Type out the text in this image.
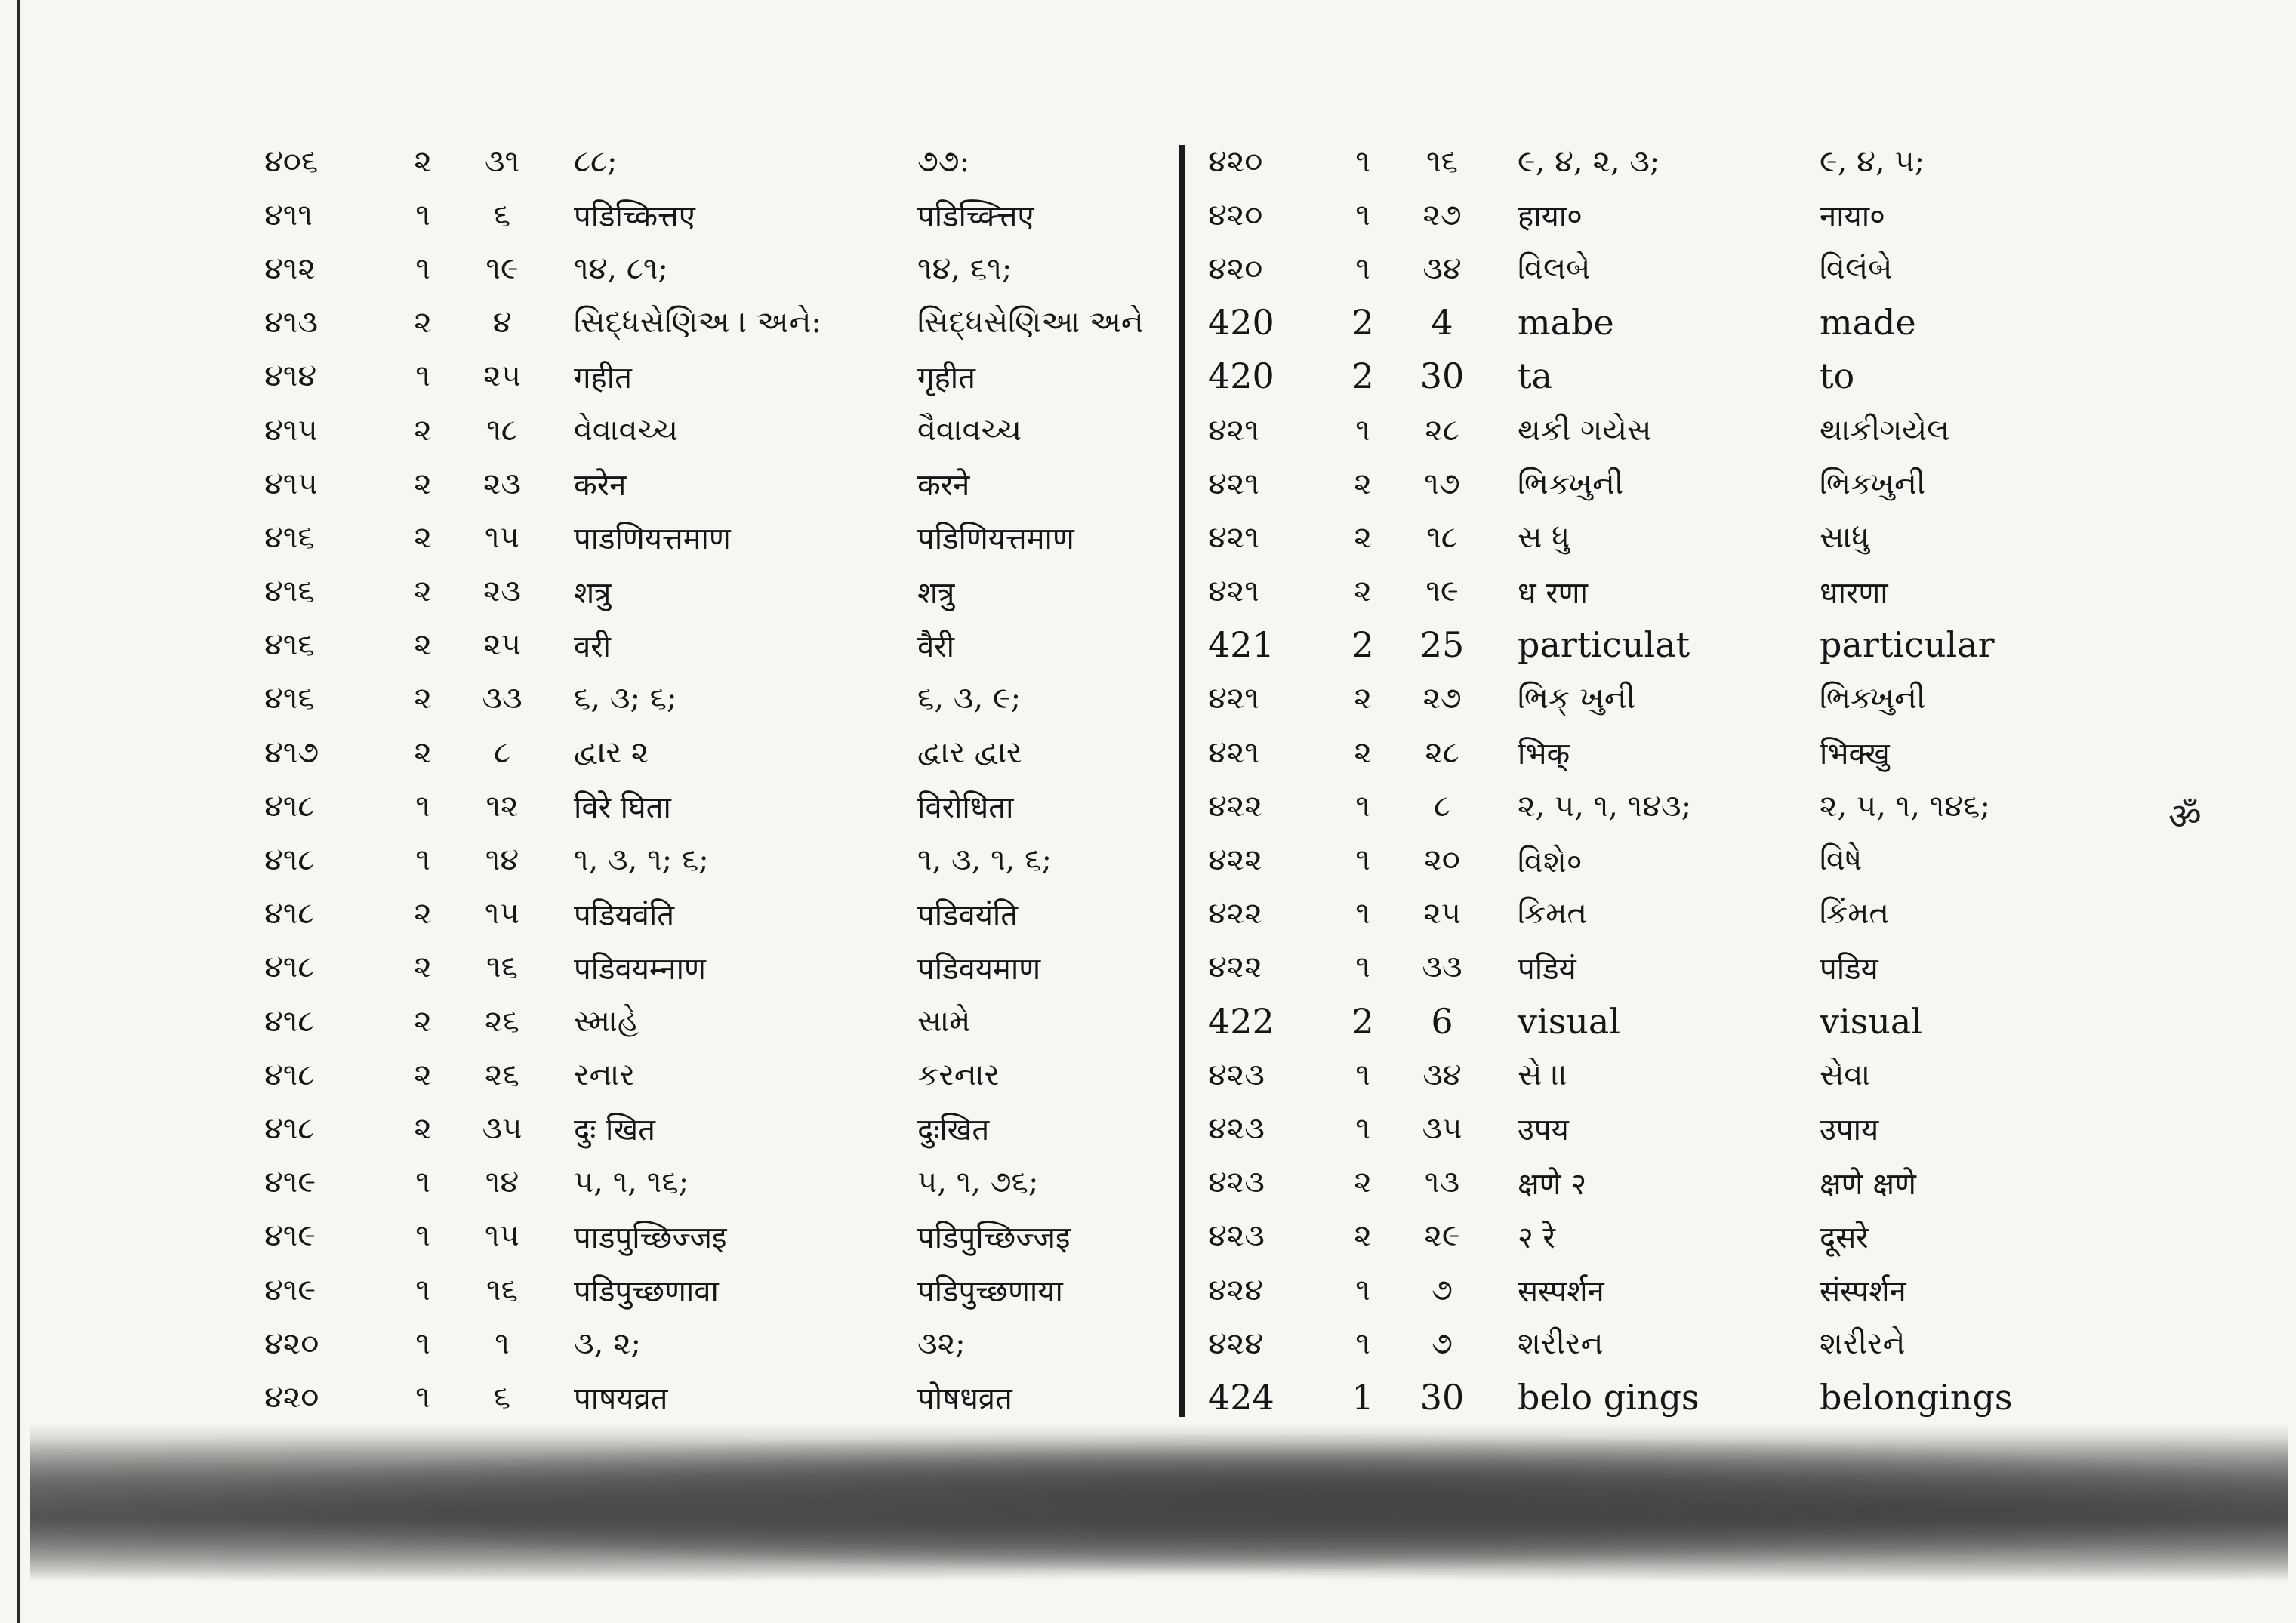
૪૦૬	૨	૩૧	૮૮;	૭૭:
૪૧૧	૧	૬	पडिच्कित्तए	पडिच्क्त्तिए
૪૧૨	૧	૧૯	૧૪, ૮૧;	૧૪, ૬૧;
૪૧૩	૨	૪	સિદ્ધસેણિઅ । અને:	સિદ્ધસેણિઆ અને
૪૧૪	૧	૨૫	गहीत	गृहीत
૪૧૫	૨	૧૮	વેવાવચ્ચ	વૈવાવચ્ચ
૪૧૫	૨	૨૩	करेन	करने
૪૧૬	૨	૧૫	पाडणियत्तमाण	पडिणियत्तमाण
૪૧૬	૨	૨૩	शत्रु	शत्रु
૪૧૬	૨	૨૫	वरी	वैरी
૪૧૬	૨	૩૩	૬, ૩; ૬;	૬, ૩, ૯;
૪૧૭	૨	૮	દ્વાર ૨	દ્વાર દ્વાર
૪૧૮	૧	૧૨	विरे घिता	विरोधिता
૪૧૮	૧	૧૪	૧, ૩, ૧; ૬;	૧, ૩, ૧, ૬;
૪૧૮	૨	૧૫	पडियवंति	पडिवयंति
૪૧૮	૨	૧૬	पडिवयम्नाण	पडिवयमाण
૪૧૮	૨	૨૬	સ્માહે	સામે
૪૧૮	૨	૨૬	રનાર	કરનાર
૪૧૮	૨	૩૫	दुः खित	दुःखित
૪૧૯	૧	૧૪	૫, ૧, ૧૬;	૫, ૧, ૭૬;
૪૧૯	૧	૧૫	पाडपुच्छिज्जइ	पडिपुच्छिज्जइ
૪૧૯	૧	૧૬	पडिपुच्छणावा	पडिपुच्छणाया
૪૨૦	૧	૧	૩, ૨;	૩૨;
૪૨૦	૧	૬	पाषयव्रत	पोषधव्रत
૪૨૦	૧	૧૬	૯, ૪, ૨, ૩;	૯, ૪, ૫;
૪૨૦	૧	૨૭	हाया०	नाया०
૪૨૦	૧	૩૪	વિલબે	વિલંબે
420	2	4	mabe	made
420	2	30	ta	to
૪૨૧	૧	૨૮	થકી ગયેસ	થાકીગયેલ
૪૨૧	૨	૧૭	ભિક્ખુની	ભિક્ખુની
૪૨૧	૨	૧૮	સ ધુ	સાધુ
૪૨૧	૨	૧૯	ध रणा	धारणा
421	2	25	particulat	particular
૪૨૧	૨	૨૭	ભિક્ ખુની	ભિક્ખુની
૪૨૧	૨	૨૮	भिक्	भिक्खु
૪૨૨	૧	૮	૨, ૫, ૧, ૧૪૩;	૨, ૫, ૧, ૧૪૬;
૪૨૨	૧	૨૦	વિશે०	વિષે
૪૨૨	૧	૨૫	કિમત	કિંમત
૪૨૨	૧	૩૩	पडियं	पडिय
422	2	6	visual	visual
૪૨૩	૧	૩૪	સે ।।	સેવા
૪૨૩	૧	૩૫	उपय	उपाय
૪૨૩	૨	૧૩	क्षणे २	क्षणे क्षणे
૪૨૩	૨	૨૯	२ रे	दूसरे
૪૨૪	૧	૭	सस्पर्शन	संस्पर्शन
૪૨૪	૧	૭	શરીરન	શરીરને
424	1	30	belo gings	belongings
ॐ
